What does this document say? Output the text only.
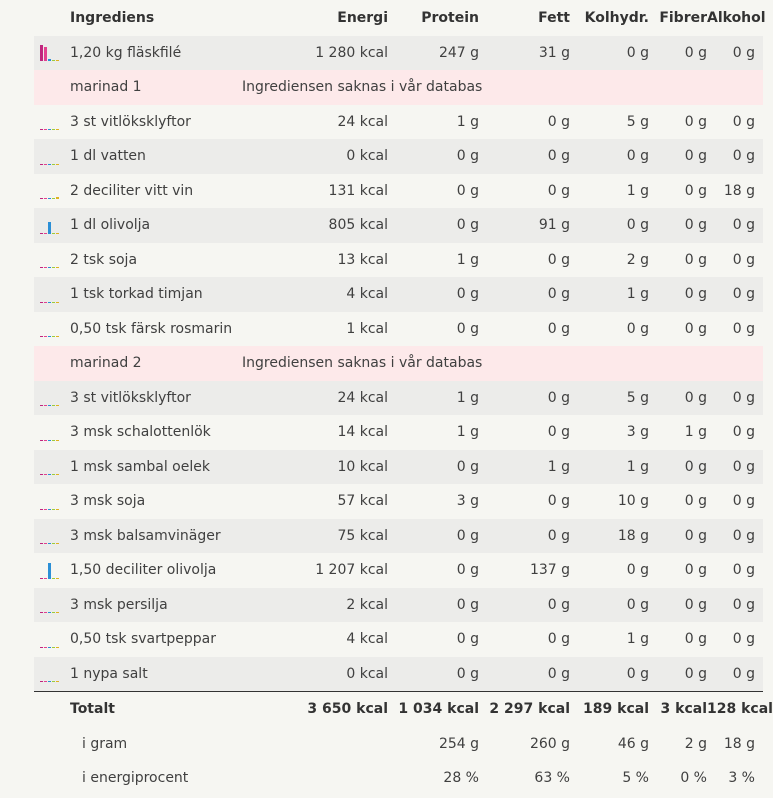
	Ingrediens	Energi	Protein	Fett	Kolhydr.	Fibrer	Alkohol

	1,20 kg fläskfilé	1 280 kcal	247 g	31 g	0 g	0 g	0 g
	marinad 1	Ingrediensen saknas i vår databas					

	3 st vitlöksklyftor	24 kcal	1 g	0 g	5 g	0 g	0 g

	1 dl vatten	0 kcal	0 g	0 g	0 g	0 g	0 g

	2 deciliter vitt vin	131 kcal	0 g	0 g	1 g	0 g	18 g

	1 dl olivolja	805 kcal	0 g	91 g	0 g	0 g	0 g

	2 tsk soja	13 kcal	1 g	0 g	2 g	0 g	0 g

	1 tsk torkad timjan	4 kcal	0 g	0 g	1 g	0 g	0 g

	0,50 tsk färsk rosmarin	1 kcal	0 g	0 g	0 g	0 g	0 g
	marinad 2	Ingrediensen saknas i vår databas					

	3 st vitlöksklyftor	24 kcal	1 g	0 g	5 g	0 g	0 g

	3 msk schalottenlök	14 kcal	1 g	0 g	3 g	1 g	0 g

	1 msk sambal oelek	10 kcal	0 g	1 g	1 g	0 g	0 g

	3 msk soja	57 kcal	3 g	0 g	10 g	0 g	0 g

	3 msk balsamvinäger	75 kcal	0 g	0 g	18 g	0 g	0 g

	1,50 deciliter olivolja	1 207 kcal	0 g	137 g	0 g	0 g	0 g

	3 msk persilja	2 kcal	0 g	0 g	0 g	0 g	0 g

	0,50 tsk svartpeppar	4 kcal	0 g	0 g	1 g	0 g	0 g

	1 nypa salt	0 kcal	0 g	0 g	0 g	0 g	0 g
	Totalt	3 650 kcal	1 034 kcal	2 297 kcal	189 kcal	3 kcal	128 kcal
	i gram		254 g	260 g	46 g	2 g	18 g
	i energiprocent		28 %	63 %	5 %	0 %	3 %
